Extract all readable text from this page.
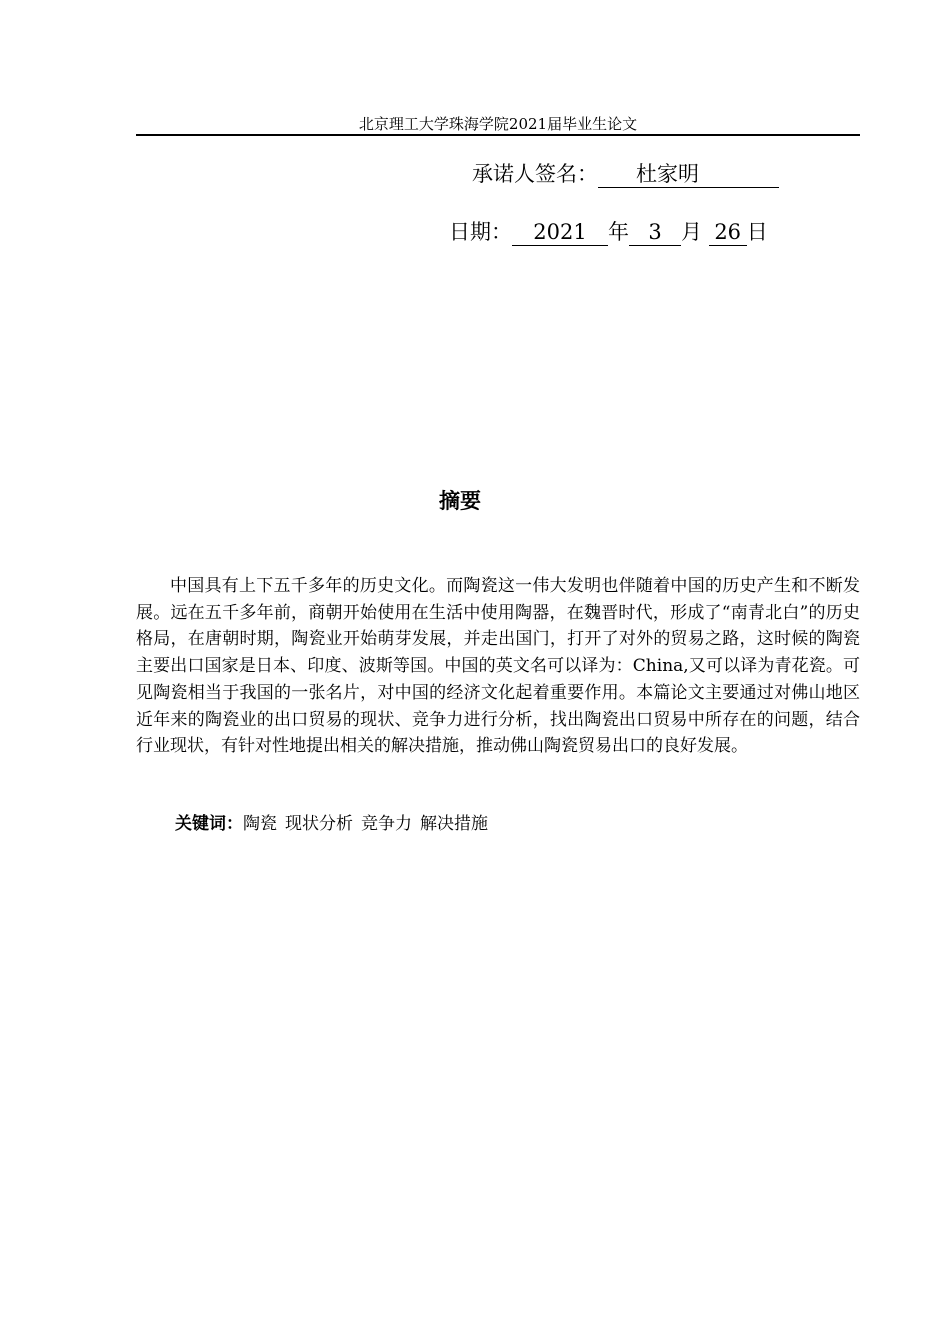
北京理工大学珠海学院2021届毕业生论文
承诺人签名： 杜家明
日期： 2021 年 3 月 26 日
摘要

中国具有上下五千多年的历史文化。而陶瓷这一伟大发明也伴随着中国的历史产生和不断发展。远在五千多年前，商朝开始使用在生活中使用陶器，在魏晋时代，形成了“南青北白”的历史格局，在唐朝时期，陶瓷业开始萌芽发展，并走出国门，打开了对外的贸易之路，这时候的陶瓷主要出口国家是日本、印度、波斯等国。中国的英文名可以译为：China,又可以译为青花瓷。可见陶瓷相当于我国的一张名片，对中国的经济文化起着重要作用。本篇论文主要通过对佛山地区近年来的陶瓷业的出口贸易的现状、竞争力进行分析，找出陶瓷出口贸易中所存在的问题，结合行业现状，有针对性地提出相关的解决措施，推动佛山陶瓷贸易出口的良好发展。

关键词：陶瓷 现状分析 竞争力 解决措施
